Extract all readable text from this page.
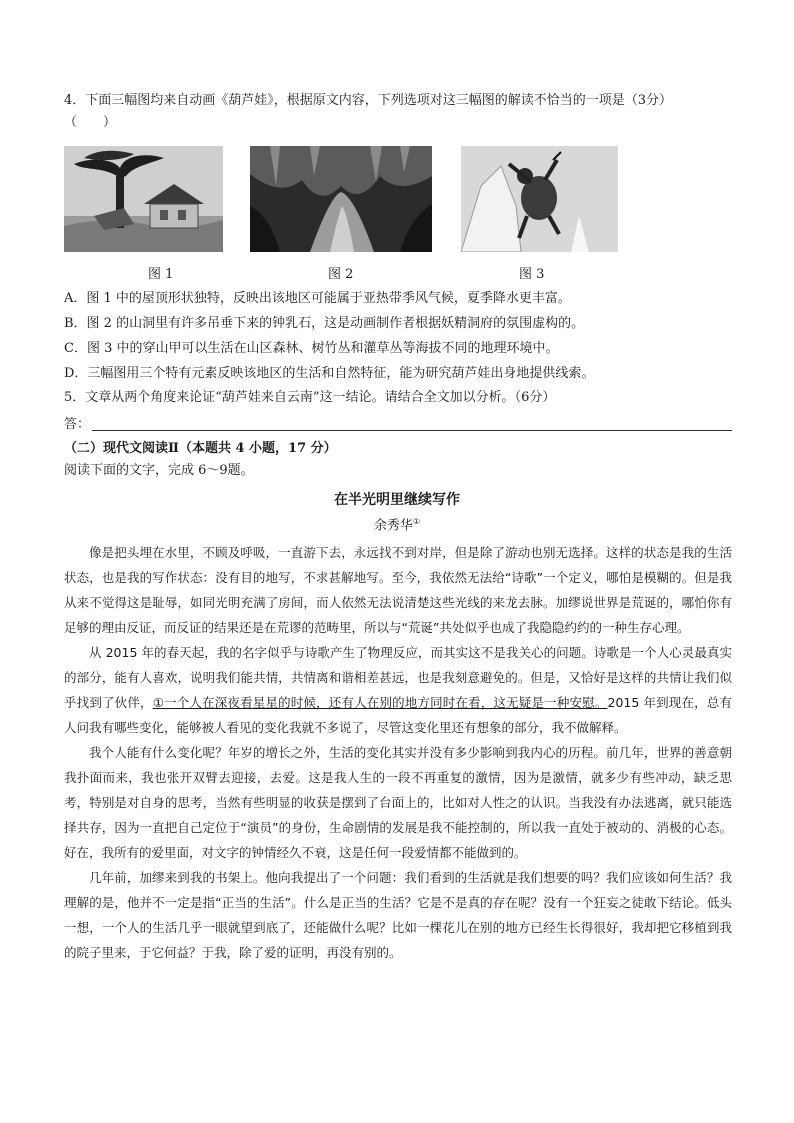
4．下面三幅图均来自动画《葫芦娃》，根据原文内容，下列选项对这三幅图的解读不恰当的一项是（3分）
（　　）
图 1	图 2	图 3
A．图 1 中的屋顶形状独特，反映出该地区可能属于亚热带季风气候，夏季降水更丰富。
B．图 2 的山洞里有许多吊垂下来的钟乳石，这是动画制作者根据妖精洞府的氛围虚构的。
C．图 3 中的穿山甲可以生活在山区森林、树竹丛和灌草丛等海拔不同的地理环境中。
D．三幅图用三个特有元素反映该地区的生活和自然特征，能为研究葫芦娃出身地提供线索。
5．文章从两个角度来论证“葫芦娃来自云南”这一结论。请结合全文加以分析。（6分）
答：
（二）现代文阅读Ⅱ（本题共 4 小题，17 分）
阅读下面的文字，完成 6～9题。
在半光明里继续写作
余秀华①

像是把头埋在水里，不顾及呼吸，一直游下去，永远找不到对岸，但是除了游动也别无选择。这样的状态是我的生活状态，也是我的写作状态：没有目的地写，不求甚解地写。至今，我依然无法给“诗歌”一个定义，哪怕是模糊的。但是我从来不觉得这是耻辱，如同光明充满了房间，而人依然无法说清楚这些光线的来龙去脉。加缪说世界是荒诞的，哪怕你有足够的理由反证，而反证的结果还是在荒谬的范畴里，所以与“荒诞”共处似乎也成了我隐隐约约的一种生存心理。

从 2015 年的春天起，我的名字似乎与诗歌产生了物理反应，而其实这不是我关心的问题。诗歌是一个人心灵最真实的部分，能有人喜欢，说明我们能共情，共情离和谐相差甚远，也是我刻意避免的。但是，又恰好是这样的共情让我们似乎找到了伙伴，①一个人在深夜看星星的时候，还有人在别的地方同时在看，这无疑是一种安慰。2015 年到现在，总有人问我有哪些变化，能够被人看见的变化我就不多说了，尽管这变化里还有想象的部分，我不做解释。

我个人能有什么变化呢？年岁的增长之外，生活的变化其实并没有多少影响到我内心的历程。前几年，世界的善意朝我扑面而来，我也张开双臂去迎接，去爱。这是我人生的一段不再重复的激情，因为是激情，就多少有些冲动，缺乏思考，特别是对自身的思考，当然有些明显的收获是摆到了台面上的，比如对人性之的认识。当我没有办法逃离，就只能选择共存，因为一直把自己定位于“演员”的身份，生命剧情的发展是我不能控制的，所以我一直处于被动的、消极的心态。好在，我所有的爱里面，对文字的钟情经久不衰，这是任何一段爱情都不能做到的。

几年前，加缪来到我的书架上。他向我提出了一个问题：我们看到的生活就是我们想要的吗？我们应该如何生活？我理解的是，他并不一定是指“正当的生活”。什么是正当的生活？它是不是真的存在呢？没有一个狂妄之徒敢下结论。低头一想，一个人的生活几乎一眼就望到底了，还能做什么呢？比如一棵花儿在别的地方已经生长得很好，我却把它移植到我的院子里来，于它何益？于我，除了爱的证明，再没有别的。
